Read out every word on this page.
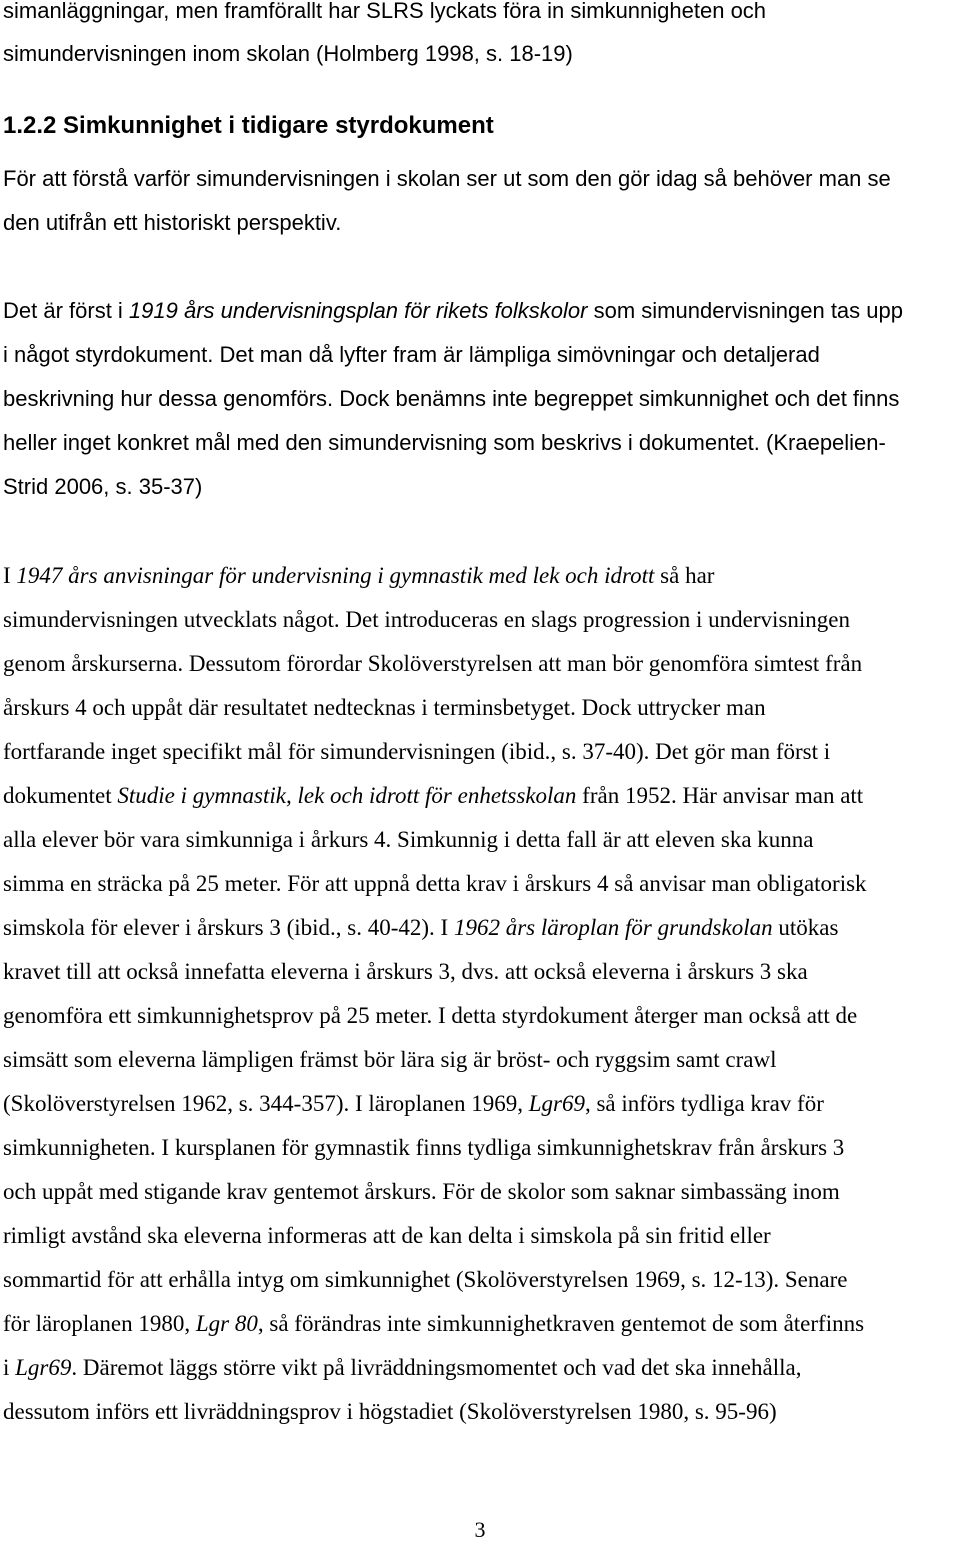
simanläggningar, men framförallt har SLRS lyckats föra in simkunnigheten och
simundervisningen inom skolan (Holmberg 1998, s. 18-19)
1.2.2 Simkunnighet i tidigare styrdokument
För att förstå varför simundervisningen i skolan ser ut som den gör idag så behöver man se
den utifrån ett historiskt perspektiv.
Det är först i 1919 års undervisningsplan för rikets folkskolor som simundervisningen tas upp
i något styrdokument. Det man då lyfter fram är lämpliga simövningar och detaljerad
beskrivning hur dessa genomförs. Dock benämns inte begreppet simkunnighet och det finns
heller inget konkret mål med den simundervisning som beskrivs i dokumentet. (Kraepelien-
Strid 2006, s. 35-37)
I 1947 års anvisningar för undervisning i gymnastik med lek och idrott så har
simundervisningen utvecklats något. Det introduceras en slags progression i undervisningen
genom årskurserna. Dessutom förordar Skolöverstyrelsen att man bör genomföra simtest från
årskurs 4 och uppåt där resultatet nedtecknas i terminsbetyget. Dock uttrycker man
fortfarande inget specifikt mål för simundervisningen (ibid., s. 37-40). Det gör man först i
dokumentet Studie i gymnastik, lek och idrott för enhetsskolan från 1952. Här anvisar man att
alla elever bör vara simkunniga i årkurs 4. Simkunnig i detta fall är att eleven ska kunna
simma en sträcka på 25 meter. För att uppnå detta krav i årskurs 4 så anvisar man obligatorisk
simskola för elever i årskurs 3 (ibid., s. 40-42). I 1962 års läroplan för grundskolan utökas
kravet till att också innefatta eleverna i årskurs 3, dvs. att också eleverna i årskurs 3 ska
genomföra ett simkunnighetsprov på 25 meter. I detta styrdokument återger man också att de
simsätt som eleverna lämpligen främst bör lära sig är bröst- och ryggsim samt crawl
(Skolöverstyrelsen 1962, s. 344-357). I läroplanen 1969, Lgr69, så införs tydliga krav för
simkunnigheten. I kursplanen för gymnastik finns tydliga simkunnighetskrav från årskurs 3
och uppåt med stigande krav gentemot årskurs. För de skolor som saknar simbassäng inom
rimligt avstånd ska eleverna informeras att de kan delta i simskola på sin fritid eller
sommartid för att erhålla intyg om simkunnighet (Skolöverstyrelsen 1969, s. 12-13). Senare
för läroplanen 1980, Lgr 80, så förändras inte simkunnighetkraven gentemot de som återfinns
i Lgr69. Däremot läggs större vikt på livräddningsmomentet och vad det ska innehålla,
dessutom införs ett livräddningsprov i högstadiet (Skolöverstyrelsen 1980, s. 95-96)
3
